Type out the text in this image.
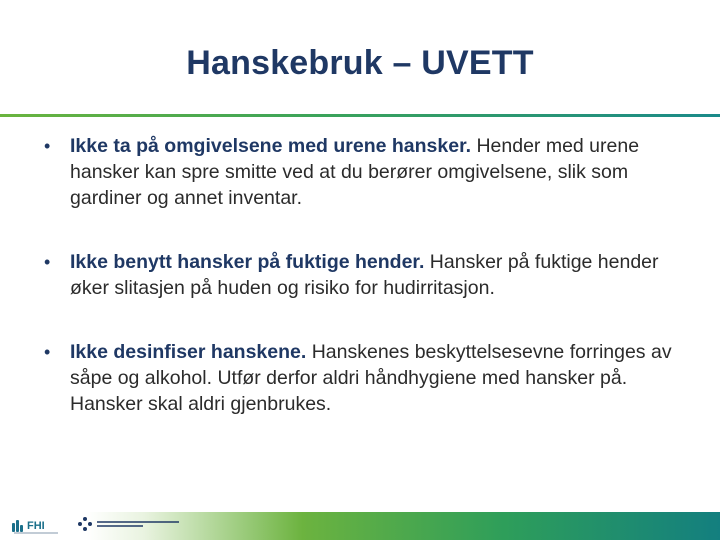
Hanskebruk – UVETT
• Ikke ta på omgivelsene med urene hansker. Hender med urene hansker kan spre smitte ved at du berører omgivelsene, slik som gardiner og annet inventar.
• Ikke benytt hansker på fuktige hender. Hansker på fuktige hender øker slitasjen på huden og risiko for hudirritasjon.
• Ikke desinfiser hanskene. Hanskenes beskyttelsesevne forringes av såpe og alkohol. Utfør derfor aldri håndhygiene med hansker på. Hansker skal aldri gjenbrukes.
FHI
